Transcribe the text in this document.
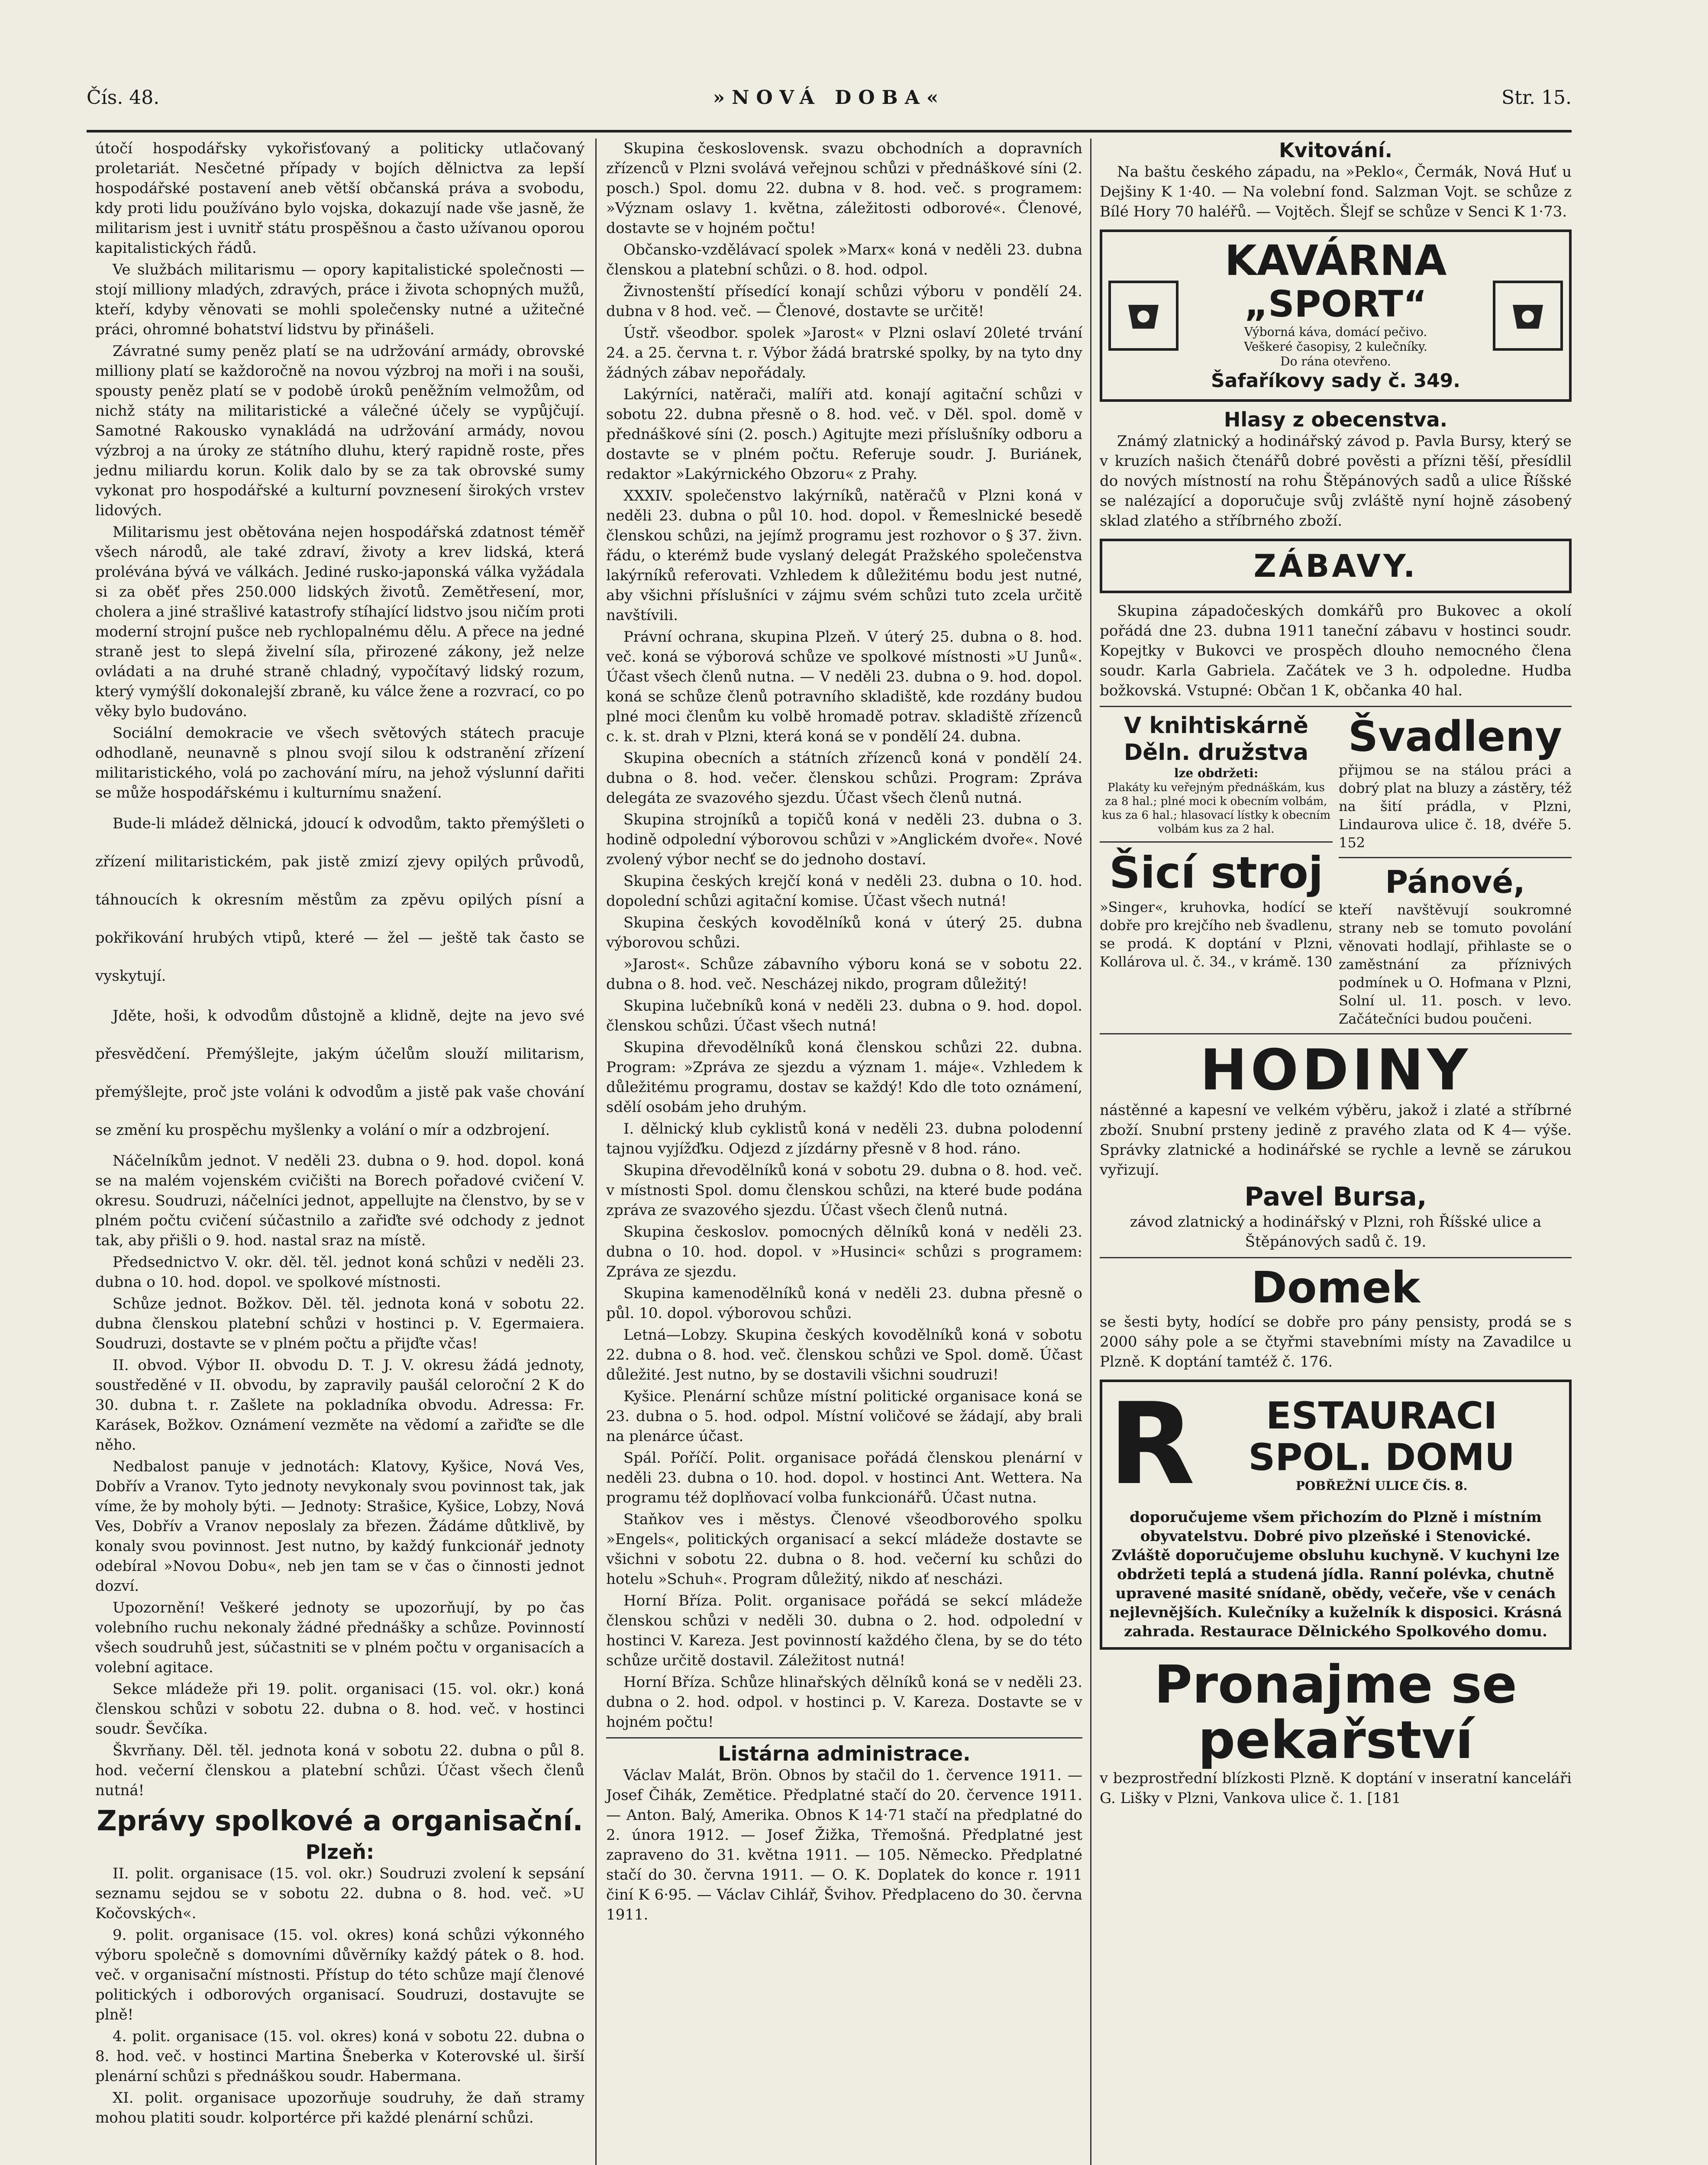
Čís. 48.	»NOVÁ DOBA«	Str. 15.

útočí hospodářsky vykořisťovaný a politicky utlačovaný proletariát. Nesčetné případy v bojích dělnictva za lepší hospodářské postavení aneb větší občanská práva a svobodu, kdy proti lidu používáno bylo vojska, dokazují nade vše jasně, že militarism jest i uvnitř státu prospěšnou a často užívanou oporou kapitalistických řádů.

Ve službách militarismu — opory kapitalistické společnosti — stojí milliony mladých, zdravých, práce i života schopných mužů, kteří, kdyby věnovati se mohli společensky nutné a užitečné práci, ohromné bohatství lidstvu by přinášeli.

Závratné sumy peněz platí se na udržování armády, obrovské milliony platí se každoročně na novou výzbroj na moři i na souši, spousty peněz platí se v podobě úroků peněžním velmožům, od nichž státy na militaristické a válečné účely se vypůjčují. Samotné Rakousko vynakládá na udržování armády, novou výzbroj a na úroky ze státního dluhu, který rapidně roste, přes jednu miliardu korun. Kolik dalo by se za tak obrovské sumy vykonat pro hospodářské a kulturní povznesení širokých vrstev lidových.

Militarismu jest obětována nejen hospodářská zdatnost téměř všech národů, ale také zdraví, životy a krev lidská, která prolévána bývá ve válkách. Jediné rusko-japonská válka vyžádala si za oběť přes 250.000 lidských životů. Zemětřesení, mor, cholera a jiné strašlivé katastrofy stíhající lidstvo jsou ničím proti moderní strojní pušce neb rychlopalnému dělu. A přece na jedné straně jest to slepá živelní síla, přirozené zákony, jež nelze ovládati a na druhé straně chladný, vypočítavý lidský rozum, který vymýšlí dokonalejší zbraně, ku válce žene a rozvrací, co po věky bylo budováno.

Sociální demokracie ve všech světových státech pracuje odhodlaně, neunavně s plnou svojí silou k odstranění zřízení militaristického, volá po zachování míru, na jehož výslunní dařiti se může hospodářskému i kulturnímu snažení.

Bude-li mládež dělnická, jdoucí k odvodům, takto přemýšleti o zřízení militaristickém, pak jistě zmizí zjevy opilých průvodů, táhnoucích k okresním městům za zpěvu opilých písní a pokřikování hrubých vtipů, které — žel — ještě tak často se vyskytují.

Jděte, hoši, k odvodům důstojně a klidně, dejte na jevo své přesvědčení. Přemýšlejte, jakým účelům slouží militarism, přemýšlejte, proč jste voláni k odvodům a jistě pak vaše chování se změní ku prospěchu myšlenky a volání o mír a odzbrojení.

Náčelníkům jednot. V neděli 23. dubna o 9. hod. dopol. koná se na malém vojenském cvičišti na Borech pořadové cvičení V. okresu. Soudruzi, náčelníci jednot, appellujte na členstvo, by se v plném počtu cvičení súčastnilo a zařiďte své odchody z jednot tak, aby přišli o 9. hod. nastal sraz na místě.

Předsednictvo V. okr. děl. těl. jednot koná schůzi v neděli 23. dubna o 10. hod. dopol. ve spolkové místnosti.

Schůze jednot. Božkov. Děl. těl. jednota koná v sobotu 22. dubna členskou platební schůzi v hostinci p. V. Egermaiera. Soudruzi, dostavte se v plném počtu a přijďte včas!

II. obvod. Výbor II. obvodu D. T. J. V. okresu žádá jednoty, soustředěné v II. obvodu, by zapravily paušál celoroční 2 K do 30. dubna t. r. Zašlete na pokladníka obvodu. Adressa: Fr. Karásek, Božkov. Oznámení vezměte na vědomí a zařiďte se dle něho.

Nedbalost panuje v jednotách: Klatovy, Kyšice, Nová Ves, Dobřív a Vranov. Tyto jednoty nevykonaly svou povinnost tak, jak víme, že by moholy býti. — Jednoty: Strašice, Kyšice, Lobzy, Nová Ves, Dobřív a Vranov neposlaly za březen. Žádáme důtklivě, by konaly svou povinnost. Jest nutno, by každý funkcionář jednoty odebíral »Novou Dobu«, neb jen tam se v čas o činnosti jednot dozví.

Upozornění! Veškeré jednoty se upozorňují, by po čas volebního ruchu nekonaly žádné přednášky a schůze. Povinností všech soudruhů jest, súčastniti se v plném počtu v organisacích a volební agitace.

Sekce mládeže při 19. polit. organisaci (15. vol. okr.) koná členskou schůzi v sobotu 22. dubna o 8. hod. več. v hostinci soudr. Ševčíka.

Škvrňany. Děl. těl. jednota koná v sobotu 22. dubna o půl 8. hod. večerní členskou a platební schůzi. Účast všech členů nutná!

Zprávy spolkové a organisační.
Plzeň:

II. polit. organisace (15. vol. okr.) Soudruzi zvolení k sepsání seznamu sejdou se v sobotu 22. dubna o 8. hod. več. »U Kočovských«.

9. polit. organisace (15. vol. okres) koná schůzi výkonného výboru společně s domovními důvěrníky každý pátek o 8. hod. več. v organisační místnosti. Přístup do této schůze mají členové politických i odborových organisací. Soudruzi, dostavujte se plně!

4. polit. organisace (15. vol. okres) koná v sobotu 22. dubna o 8. hod. več. v hostinci Martina Šneberka v Koterovské ul. širší plenární schůzi s přednáškou soudr. Habermana.

XI. polit. organisace upozorňuje soudruhy, že daň stramy mohou platiti soudr. kolportérce při každé plenární schůzi.

Skupina československ. svazu obchodních a dopravních zřízenců v Plzni svolává veřejnou schůzi v přednáškové síni (2. posch.) Spol. domu 22. dubna v 8. hod. več. s programem: »Význam oslavy 1. května, záležitosti odborové«. Členové, dostavte se v hojném počtu!

Občansko-vzdělávací spolek »Marx« koná v neděli 23. dubna členskou a platební schůzi. o 8. hod. odpol.

Živnostenští přísedící konají schůzi výboru v pondělí 24. dubna v 8 hod. več. — Členové, dostavte se určitě!

Ústř. všeodbor. spolek »Jarost« v Plzni oslaví 20leté trvání 24. a 25. června t. r. Výbor žádá bratrské spolky, by na tyto dny žádných zábav nepořádaly.

Lakýrníci, natěrači, malíři atd. konají agitační schůzi v sobotu 22. dubna přesně o 8. hod. več. v Děl. spol. domě v přednáškové síni (2. posch.) Agitujte mezi příslušníky odboru a dostavte se v plném počtu. Referuje soudr. J. Buriánek, redaktor »Lakýrnického Obzoru« z Prahy.

XXXIV. společenstvo lakýrníků, natěračů v Plzni koná v neděli 23. dubna o půl 10. hod. dopol. v Řemeslnické besedě členskou schůzi, na jejímž programu jest rozhovor o § 37. živn. řádu, o kterémž bude vyslaný delegát Pražského společenstva lakýrníků referovati. Vzhledem k důležitému bodu jest nutné, aby všichni příslušníci v zájmu svém schůzi tuto zcela určitě navštívili.

Právní ochrana, skupina Plzeň. V úterý 25. dubna o 8. hod. več. koná se výborová schůze ve spolkové místnosti »U Junů«. Účast všech členů nutna. — V neděli 23. dubna o 9. hod. dopol. koná se schůze členů potravního skladiště, kde rozdány budou plné moci členům ku volbě hromadě potrav. skladiště zřízenců c. k. st. drah v Plzni, která koná se v pondělí 24. dubna.

Skupina obecních a státních zřízenců koná v pondělí 24. dubna o 8. hod. večer. členskou schůzi. Program: Zpráva delegáta ze svazového sjezdu. Účast všech členů nutná.

Skupina strojníků a topičů koná v neděli 23. dubna o 3. hodině odpolední výborovou schůzi v »Anglickém dvoře«. Nové zvolený výbor nechť se do jednoho dostaví.

Skupina českých krejčí koná v neděli 23. dubna o 10. hod. dopolední schůzi agitační komise. Účast všech nutná!

Skupina českých kovodělníků koná v úterý 25. dubna výborovou schůzi.

»Jarost«. Schůze zábavního výboru koná se v sobotu 22. dubna o 8. hod. več. Nescházej nikdo, program důležitý!

Skupina lučebníků koná v neděli 23. dubna o 9. hod. dopol. členskou schůzi. Účast všech nutná!

Skupina dřevodělníků koná členskou schůzi 22. dubna. Program: »Zpráva ze sjezdu a význam 1. máje«. Vzhledem k důležitému programu, dostav se každý! Kdo dle toto oznámení, sdělí osobám jeho druhým.

I. dělnický klub cyklistů koná v neděli 23. dubna polodenní tajnou vyjížďku. Odjezd z jízdárny přesně v 8 hod. ráno.

Skupina dřevodělníků koná v sobotu 29. dubna o 8. hod. več. v místnosti Spol. domu členskou schůzi, na které bude podána zpráva ze svazového sjezdu. Účast všech členů nutná.

Skupina českoslov. pomocných dělníků koná v neděli 23. dubna o 10. hod. dopol. v »Husinci« schůzi s programem: Zpráva ze sjezdu.

Skupina kamenodělníků koná v neděli 23. dubna přesně o půl. 10. dopol. výborovou schůzi.

Letná—Lobzy. Skupina českých kovodělníků koná v sobotu 22. dubna o 8. hod. več. členskou schůzi ve Spol. domě. Účast důležité. Jest nutno, by se dostavili všichni soudruzi!

Kyšice. Plenární schůze místní politické organisace koná se 23. dubna o 5. hod. odpol. Místní voličové se žádají, aby brali na plenárce účast.

Spál. Poříčí. Polit. organisace pořádá členskou plenární v neděli 23. dubna o 10. hod. dopol. v hostinci Ant. Wettera. Na programu též doplňovací volba funkcionářů. Účast nutna.

Staňkov ves i městys. Členové všeodborového spolku »Engels«, politických organisací a sekcí mládeže dostavte se všichni v sobotu 22. dubna o 8. hod. večerní ku schůzi do hotelu »Schuh«. Program důležitý, nikdo ať nescházi.

Horní Bříza. Polit. organisace pořádá se sekcí mládeže členskou schůzi v neděli 30. dubna o 2. hod. odpolední v hostinci V. Kareza. Jest povinností každého člena, by se do této schůze určitě dostavil. Záležitost nutná!

Horní Bříza. Schůze hlinařských dělníků koná se v neděli 23. dubna o 2. hod. odpol. v hostinci p. V. Kareza. Dostavte se v hojném počtu!

Listárna administrace.

Václav Malát, Brön. Obnos by stačil do 1. července 1911. — Josef Čihák, Zemětice. Předplatné stačí do 20. července 1911. — Anton. Balý, Amerika. Obnos K 14·71 stačí na předplatné do 2. února 1912. — Josef Žižka, Třemošná. Předplatné jest zapraveno do 31. května 1911. — 105. Německo. Předplatné stačí do 30. června 1911. — O. K. Doplatek do konce r. 1911 činí K 6·95. — Václav Cihlář, Švihov. Předplaceno do 30. června 1911.

Kvitování.

Na baštu českého západu, na »Peklo«, Čermák, Nová Huť u Dejšiny K 1·40. — Na volební fond. Salzman Vojt. se schůze z Bílé Hory 70 haléřů. — Vojtěch. Šlejf se schůze v Senci K 1·73.

KAVÁRNA
„SPORT“
Výborná káva, domácí pečivo.
Veškeré časopisy, 2 kulečníky.
Do rána otevřeno.
Šafaříkovy sady č. 349.
Hlasy z obecenstva.

Známý zlatnický a hodinářský závod p. Pavla Bursy, který se v kruzích našich čtenářů dobré pověsti a přízni těší, přesídlil do nových místností na rohu Štěpánových sadů a ulice Říšské se nalézající a doporučuje svůj zvláště nyní hojně zásobený sklad zlatého a stříbrného zboží.

ZÁBAVY.

Skupina západočeských domkářů pro Bukovec a okolí pořádá dne 23. dubna 1911 taneční zábavu v hostinci soudr. Kopejtky v Bukovci ve prospěch dlouho nemocného člena soudr. Karla Gabriela. Začátek ve 3 h. odpoledne. Hudba božkovská. Vstupné: Občan 1 K, občanka 40 hal.

V knihtiskárně
Děln. družstva
lze obdržeti:
Plakáty ku veřejným přednáškám, kus za 8 hal.; plné moci k obecním volbám, kus za 6 hal.; hlasovací lístky k obecním volbám kus za 2 hal.
Šicí stroj
»Singer«, kruhovka, hodící se dobře pro krejčího neb švadlenu, se prodá. K doptání v Plzni, Kollárova ul. č. 34., v krámě. 130
Švadleny
přijmou se na stálou práci a dobrý plat na bluzy a zástěry, též na šití prádla, v Plzni, Lindaurova ulice č. 18, dvéře 5. 152
Pánové,
kteří navštěvují soukromné strany neb se tomuto povolání věnovati hodlají, přihlaste se o zaměstnání za příznivých podmínek u O. Hofmana v Plzni, Solní ul. 11. posch. v levo. Začátečníci budou poučeni.
HODINY

nástěnné a kapesní ve velkém výběru, jakož i zlaté a stříbrné zboží. Snubní prsteny jedině z pravého zlata od K 4— výše. Správky zlatnické a hodinářské se rychle a levně se zárukou vyřizují.

Pavel Bursa,

závod zlatnický a hodinářský v Plzni, roh Říšské ulice a Štěpánových sadů č. 19.

Domek

se šesti byty, hodící se dobře pro pány pensisty, prodá se s 2000 sáhy pole a se čtyřmi stavebními místy na Zavadilce u Plzně. K doptání tamtéž č. 176.

R	ESTAURACI
SPOL. DOMU
POBŘEŽNÍ ULICE ČÍS. 8.
doporučujeme všem přichozím do Plzně i místním obyvatelstvu. Dobré pivo plzeňské i Stenovické. Zvláště doporučujeme obsluhu kuchyně. V kuchyni lze obdržeti teplá a studená jídla. Ranní polévka, chutně upravené masité snídaně, obědy, večeře, vše v cenách nejlevnějších. Kulečníky a kuželník k disposici. Krásná zahrada. Restaurace Dělnického Spolkového domu.
Pronajme se
pekařství

v bezprostřední blízkosti Plzně. K doptání v inseratní kanceláři G. Lišky v Plzni, Vankova ulice č. 1. [181
